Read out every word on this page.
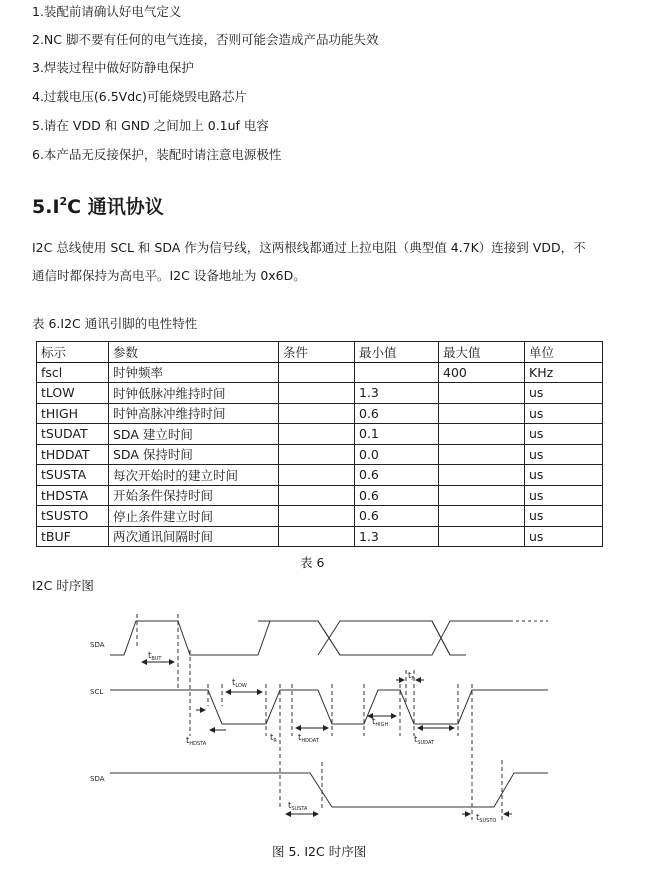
1.装配前请确认好电气定义
2.NC 脚不要有任何的电气连接，否则可能会造成产品功能失效
3.焊装过程中做好防静电保护
4.过载电压(6.5Vdc)可能烧毁电路芯片
5.请在 VDD 和 GND 之间加上 0.1uf 电容
6.本产品无反接保护，装配时请注意电源极性
$5.I^2C$ 通讯协议
I2C 总线使用 SCL 和 SDA 作为信号线，这两根线都通过上拉电阻（典型值 4.7K）连接到 VDD，不
通信时都保持为高电平。I2C 设备地址为 0x6D。
表 6.I2C 通讯引脚的电性特性
标示	参数	条件	最小值	最大值	单位
fscl	时钟频率			400	KHz
tLOW	时钟低脉冲维持时间		1.3		us
tHIGH	时钟高脉冲维持时间		0.6		us
tSUDAT	SDA 建立时间		0.1		us
tHDDAT	SDA 保持时间		0.0		us
tSUSTA	每次开始时的建立时间		0.6		us
tHDSTA	开始条件保持时间		0.6		us
tSUSTO	停止条件建立时间		0.6		us
tBUF	两次通讯间隔时间		1.3		us
表 6
I2C 时序图
SDA
SCL
SDA
$t_{BUT}$
$t_{LOW}$
$t_F$
$t_{HDSTA}$
$t_R$ $t_{HDDAT}$
$t_{HIGH}$
$t_{SUDAT}$
$t_{SUSTA}$
$t_{SUSTO}$
图 5. I2C 时序图
